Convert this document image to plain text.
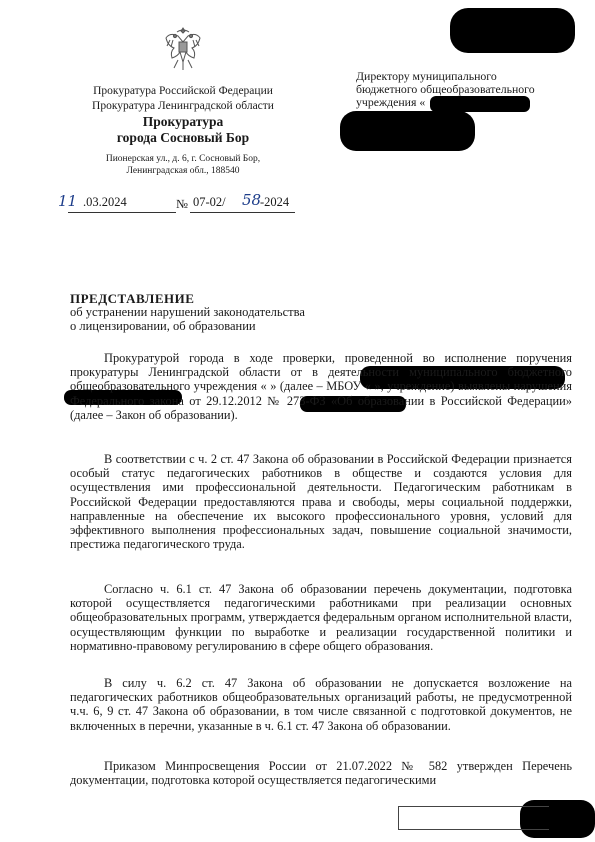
Прокуратура Российской Федерации
Прокуратура Ленинградской области
Прокуратура
города Сосновый Бор
Пионерская ул., д. 6, г. Сосновый Бор,
Ленинградская обл., 188540
Директору муниципального
бюджетного общеобразовательного
учреждения «
11 .03.2024	№ 07-02/ 58
-2024
ПРЕДСТАВЛЕНИЕ
об устранении нарушений законодательства
о лицензировании, об образовании
Прокуратурой города в ходе проверки, проведенной во исполнение поручения прокуратуры Ленинградской области от в деятельности муниципального бюджетного общеобразовательного учреждения « » (далее – МБОУ « », учреждение) выявлены нарушения Федерального закона от 29.12.2012 № 273-ФЗ «Об образовании в Российской Федерации» (далее – Закон об образовании).
В соответствии с ч. 2 ст. 47 Закона об образовании в Российской Федерации признается особый статус педагогических работников в обществе и создаются условия для осуществления ими профессиональной деятельности. Педагогическим работникам в Российской Федерации предоставляются права и свободы, меры социальной поддержки, направленные на обеспечение их высокого профессионального уровня, условий для эффективного выполнения профессиональных задач, повышение социальной значимости, престижа педагогического труда.
Согласно ч. 6.1 ст. 47 Закона об образовании перечень документации, подготовка которой осуществляется педагогическими работниками при реализации основных общеобразовательных программ, утверждается федеральным органом исполнительной власти, осуществляющим функции по выработке и реализации государственной политики и нормативно-правовому регулированию в сфере общего образования.
В силу ч. 6.2 ст. 47 Закона об образовании не допускается возложение на педагогических работников общеобразовательных организаций работы, не предусмотренной ч.ч. 6, 9 ст. 47 Закона об образовании, в том числе связанной с подготовкой документов, не включенных в перечни, указанные в ч. 6.1 ст. 47 Закона об образовании.
Приказом Минпросвещения России от 21.07.2022 № 582 утвержден Перечень документации, подготовка которой осуществляется педагогическими
